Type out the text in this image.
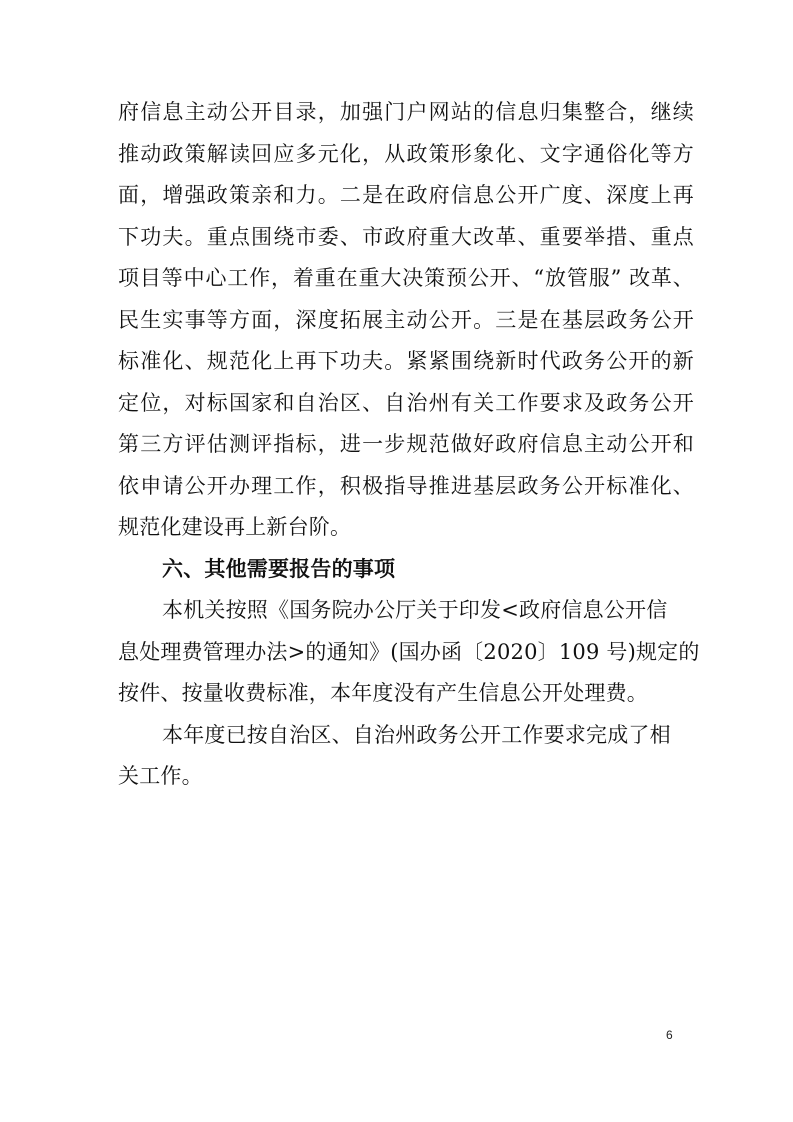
府信息主动公开目录，加强门户网站的信息归集整合，继续
推动政策解读回应多元化，从政策形象化、文字通俗化等方
面，增强政策亲和力。二是在政府信息公开广度、深度上再
下功夫。重点围绕市委、市政府重大改革、重要举措、重点
项目等中心工作，着重在重大决策预公开、“放管服” 改革、
民生实事等方面，深度拓展主动公开。三是在基层政务公开
标准化、规范化上再下功夫。紧紧围绕新时代政务公开的新
定位，对标国家和自治区、自治州有关工作要求及政务公开
第三方评估测评指标，进一步规范做好政府信息主动公开和
依申请公开办理工作，积极指导推进基层政务公开标准化、
规范化建设再上新台阶。
六、其他需要报告的事项
本机关按照《国务院办公厅关于印发<政府信息公开信
息处理费管理办法>的通知》(国办函〔2020〕109 号)规定的
按件、按量收费标准，本年度没有产生信息公开处理费。
本年度已按自治区、自治州政务公开工作要求完成了相
关工作。
6
